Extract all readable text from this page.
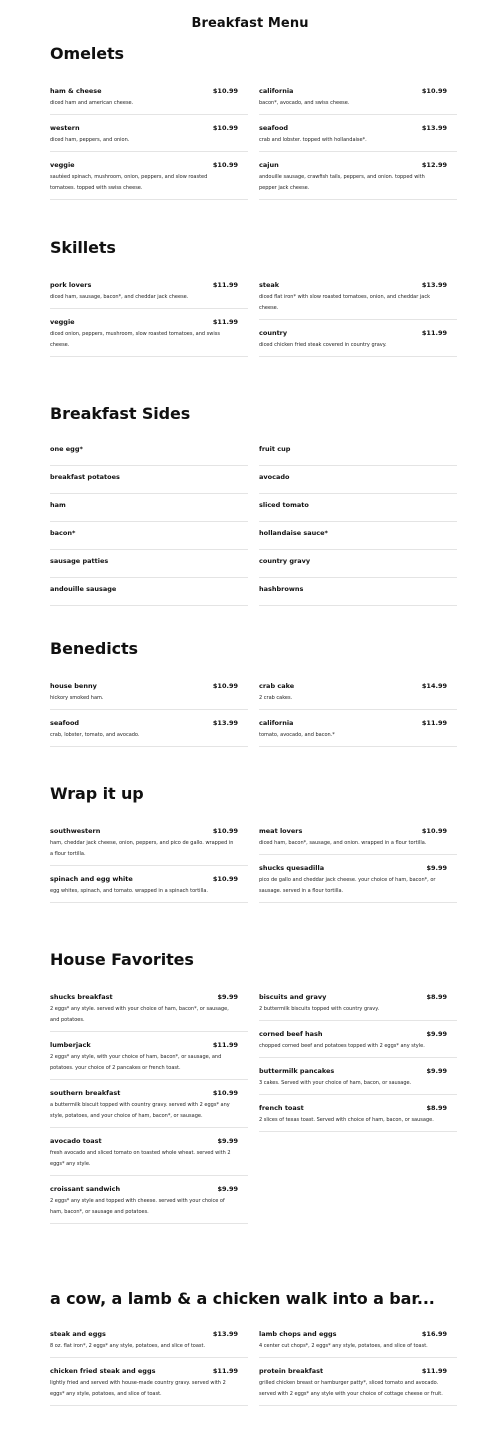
Breakfast Menu
Omelets
ham & cheese	$10.99
diced ham and american cheese.
western	$10.99
diced ham, peppers, and onion.
veggie	$10.99
sautéed spinach, mushroom, onion, peppers, and slow roasted tomatoes. topped with swiss cheese.
california	$10.99
bacon*, avocado, and swiss cheese.
seafood	$13.99
crab and lobster. topped with hollandaise*.
cajun	$12.99
andouille sausage, crawfish tails, peppers, and onion. topped with pepper jack cheese.
Skillets
pork lovers	$11.99
diced ham, sausage, bacon*, and cheddar jack cheese.
veggie	$11.99
diced onion, peppers, mushroom, slow roasted tomatoes, and swiss cheese.
steak	$13.99
diced flat iron* with slow roasted tomatoes, onion, and cheddar jack cheese.
country	$11.99
diced chicken fried steak covered in country gravy.
Breakfast Sides
one egg*
breakfast potatoes
ham
bacon*
sausage patties
andouille sausage
fruit cup
avocado
sliced tomato
hollandaise sauce*
country gravy
hashbrowns
Benedicts
house benny	$10.99
hickory smoked ham.
seafood	$13.99
crab, lobster, tomato, and avocado.
crab cake	$14.99
2 crab cakes.
california	$11.99
tomato, avocado, and bacon.*
Wrap it up
southwestern	$10.99
ham, cheddar jack cheese, onion, peppers, and pico de gallo. wrapped in a flour tortilla.
spinach and egg white	$10.99
egg whites, spinach, and tomato. wrapped in a spinach tortilla.
meat lovers	$10.99
diced ham, bacon*, sausage, and onion. wrapped in a flour tortilla.
shucks quesadilla	$9.99
pico de gallo and cheddar jack cheese. your choice of ham, bacon*, or sausage. served in a flour tortilla.
House Favorites
shucks breakfast	$9.99
2 eggs* any style. served with your choice of ham, bacon*, or sausage, and potatoes.
lumberjack	$11.99
2 eggs* any style, with your choice of ham, bacon*, or sausage, and potatoes. your choice of 2 pancakes or french toast.
southern breakfast	$10.99
a buttermilk biscuit topped with country gravy. served with 2 eggs* any style, potatoes, and your choice of ham, bacon*, or sausage.
avocado toast	$9.99
fresh avocado and sliced tomato on toasted whole wheat. served with 2 eggs* any style.
croissant sandwich	$9.99
2 eggs* any style and topped with cheese. served with your choice of ham, bacon*, or sausage and potatoes.
biscuits and gravy	$8.99
2 buttermilk biscuits topped with country gravy.
corned beef hash	$9.99
chopped corned beef and potatoes topped with 2 eggs* any style.
buttermilk pancakes	$9.99
3 cakes. Served with your choice of ham, bacon, or sausage.
french toast	$8.99
2 slices of texas toast. Served with choice of ham, bacon, or sausage.
a cow, a lamb & a chicken walk into a bar...
steak and eggs	$13.99
8 oz. flat iron*, 2 eggs* any style, potatoes, and slice of toast.
chicken fried steak and eggs	$11.99
lightly fried and served with house-made country gravy. served with 2 eggs* any style, potatoes, and slice of toast.
lamb chops and eggs	$16.99
4 center cut chops*, 2 eggs* any style, potatoes, and slice of toast.
protein breakfast	$11.99
grilled chicken breast or hamburger patty*, sliced tomato and avocado. served with 2 eggs* any style with your choice of cottage cheese or fruit.
